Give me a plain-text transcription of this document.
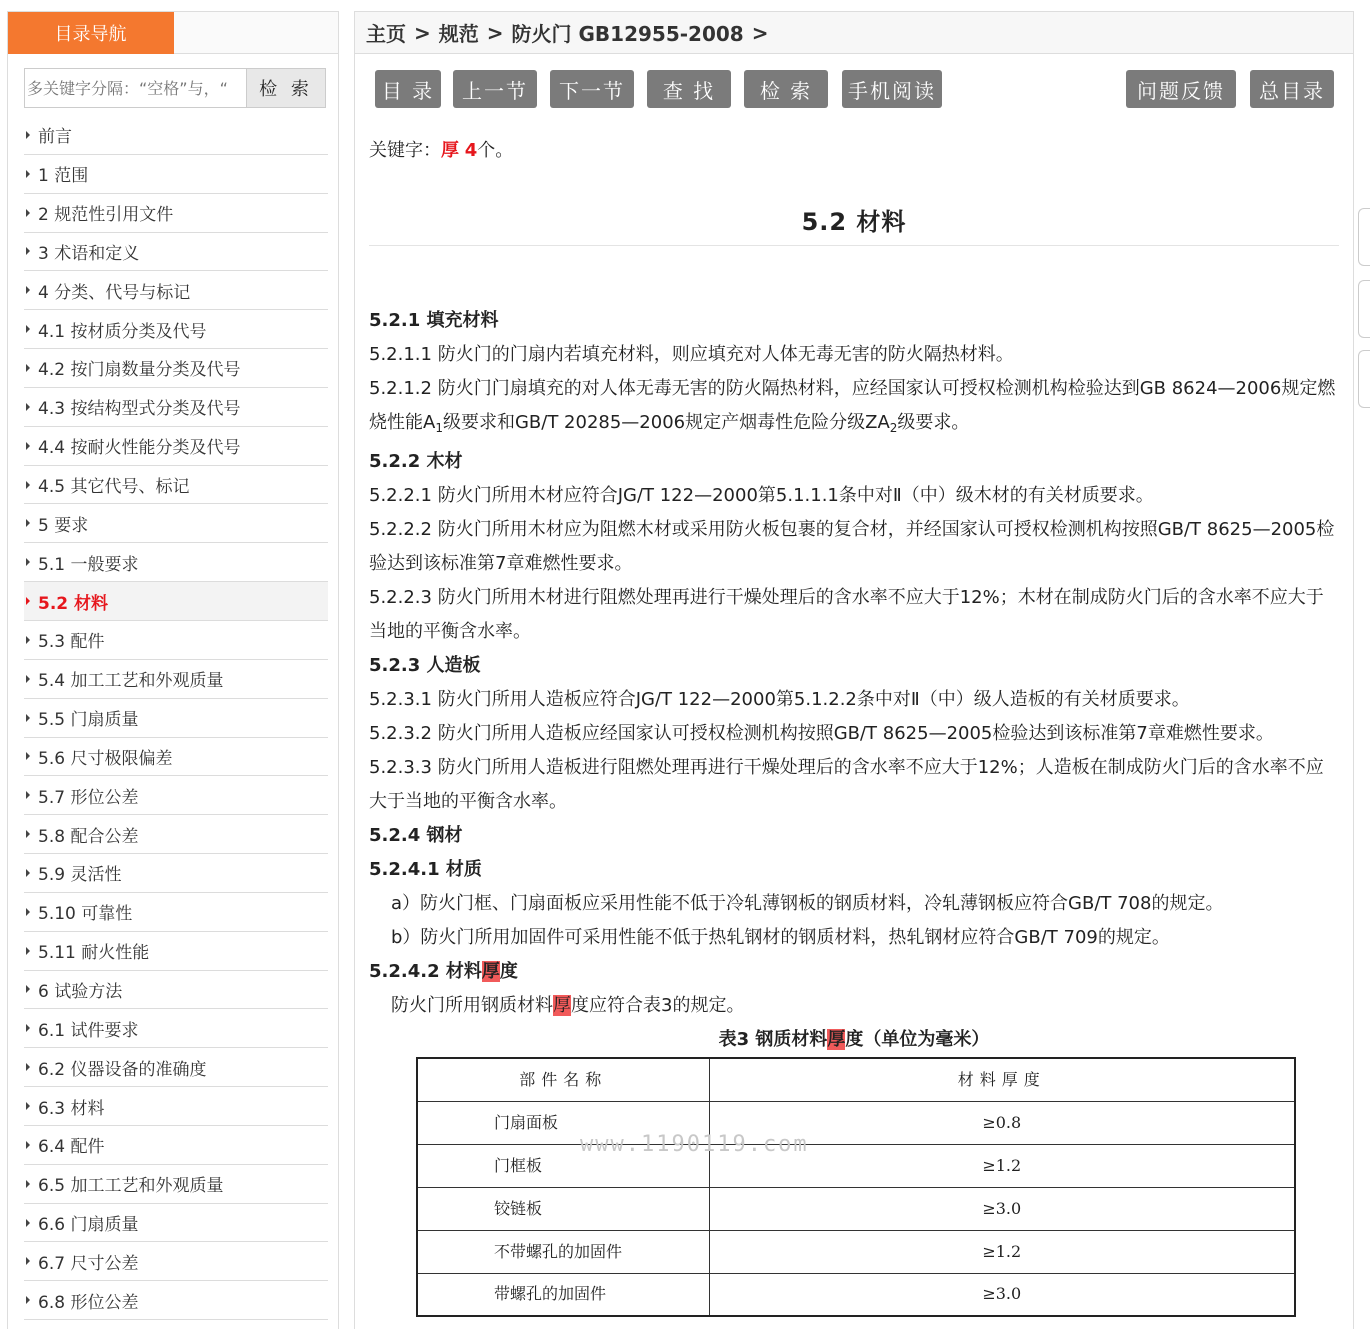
目录导航
多关键字分隔：“空格”与，“
检 索
前言
1 范围
2 规范性引用文件
3 术语和定义
4 分类、代号与标记
4.1 按材质分类及代号
4.2 按门扇数量分类及代号
4.3 按结构型式分类及代号
4.4 按耐火性能分类及代号
4.5 其它代号、标记
5 要求
5.1 一般要求
5.2 材料
5.3 配件
5.4 加工工艺和外观质量
5.5 门扇质量
5.6 尺寸极限偏差
5.7 形位公差
5.8 配合公差
5.9 灵活性
5.10 可靠性
5.11 耐火性能
6 试验方法
6.1 试件要求
6.2 仪器设备的准确度
6.3 材料
6.4 配件
6.5 加工工艺和外观质量
6.6 门扇质量
6.7 尺寸公差
6.8 形位公差
主页 > 规范 > 防火门 GB12955-2008 >
目 录	上一节	下一节	查 找	检 索	手机阅读	问题反馈	总目录
关键字：厚 4个。
5.2 材料
5.2.1 填充材料
5.2.1.1 防火门的门扇内若填充材料，则应填充对人体无毒无害的防火隔热材料。
5.2.1.2 防火门门扇填充的对人体无毒无害的防火隔热材料，应经国家认可授权检测机构检验达到GB 8624—2006规定燃烧性能$A_1$级要求和GB/T 20285—2006规定产烟毒性危险分级$ZA_2$级要求。
5.2.2 木材
5.2.2.1 防火门所用木材应符合JG/T 122—2000第5.1.1.1条中对Ⅱ（中）级木材的有关材质要求。
5.2.2.2 防火门所用木材应为阻燃木材或采用防火板包裹的复合材，并经国家认可授权检测机构按照GB/T 8625—2005检验达到该标准第7章难燃性要求。
5.2.2.3 防火门所用木材进行阻燃处理再进行干燥处理后的含水率不应大于12%；木材在制成防火门后的含水率不应大于当地的平衡含水率。
5.2.3 人造板
5.2.3.1 防火门所用人造板应符合JG/T 122—2000第5.1.2.2条中对Ⅱ（中）级人造板的有关材质要求。
5.2.3.2 防火门所用人造板应经国家认可授权检测机构按照GB/T 8625—2005检验达到该标准第7章难燃性要求。
5.2.3.3 防火门所用人造板进行阻燃处理再进行干燥处理后的含水率不应大于12%；人造板在制成防火门后的含水率不应大于当地的平衡含水率。
5.2.4 钢材
5.2.4.1 材质
a）防火门框、门扇面板应采用性能不低于冷轧薄钢板的钢质材料，冷轧薄钢板应符合GB/T 708的规定。
b）防火门所用加固件可采用性能不低于热轧钢材的钢质材料，热轧钢材应符合GB/T 709的规定。
5.2.4.2 材料厚度
防火门所用钢质材料厚度应符合表3的规定。
表3 钢质材料厚度（单位为毫米）
部件名称	材料厚度
门扇面板	≥0.8
门框板	≥1.2
铰链板	≥3.0
不带螺孔的加固件	≥1.2
带螺孔的加固件	≥3.0
www.1190119.com
